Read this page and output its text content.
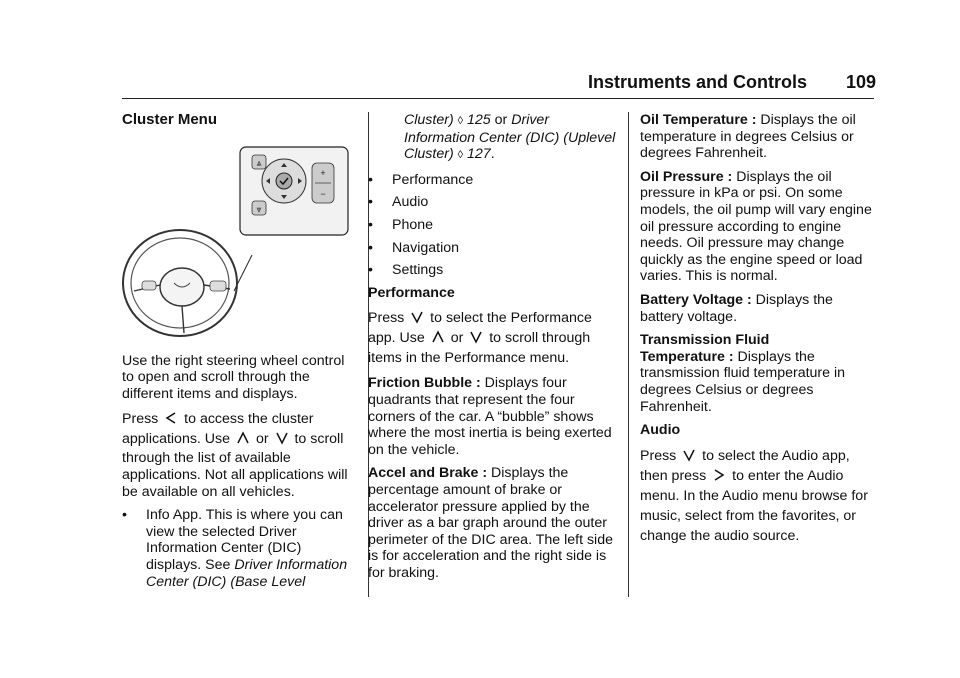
Instruments and Controls 109
Cluster Menu
⩓
⩔
+
−

Use the right steering wheel control to open and scroll through the different items and displays.

Press to access the cluster
applications. Use or to scroll

through the list of available applications. Not all applications will be available on all vehicles.

• Info App. This is where you can view the selected Driver Information Center (DIC) displays. See Driver Information Center (DIC) (Base Level
Cluster) ◊ 125 or Driver Information Center (DIC) (Uplevel Cluster) ◊ 127.
• Performance
• Audio
• Phone
• Navigation
• Settings
Performance

Press to select the Performance
app. Use or to scroll through
items in the Performance menu.

Friction Bubble : Displays four quadrants that represent the four corners of the car. A “bubble” shows where the most inertia is being exerted on the vehicle.

Accel and Brake : Displays the percentage amount of brake or accelerator pressure applied by the driver as a bar graph around the outer perimeter of the DIC area. The left side is for acceleration and the right side is for braking.

Oil Temperature : Displays the oil temperature in degrees Celsius or degrees Fahrenheit.

Oil Pressure : Displays the oil pressure in kPa or psi. On some models, the oil pump will vary engine oil pressure according to engine needs. Oil pressure may change quickly as the engine speed or load varies. This is normal.

Battery Voltage : Displays the battery voltage.

Transmission Fluid
Temperature : Displays the transmission fluid temperature in degrees Celsius or degrees Fahrenheit.

Audio

Press to select the Audio app,
then press to enter the Audio
menu. In the Audio menu browse for music, select from the favorites, or change the audio source.
